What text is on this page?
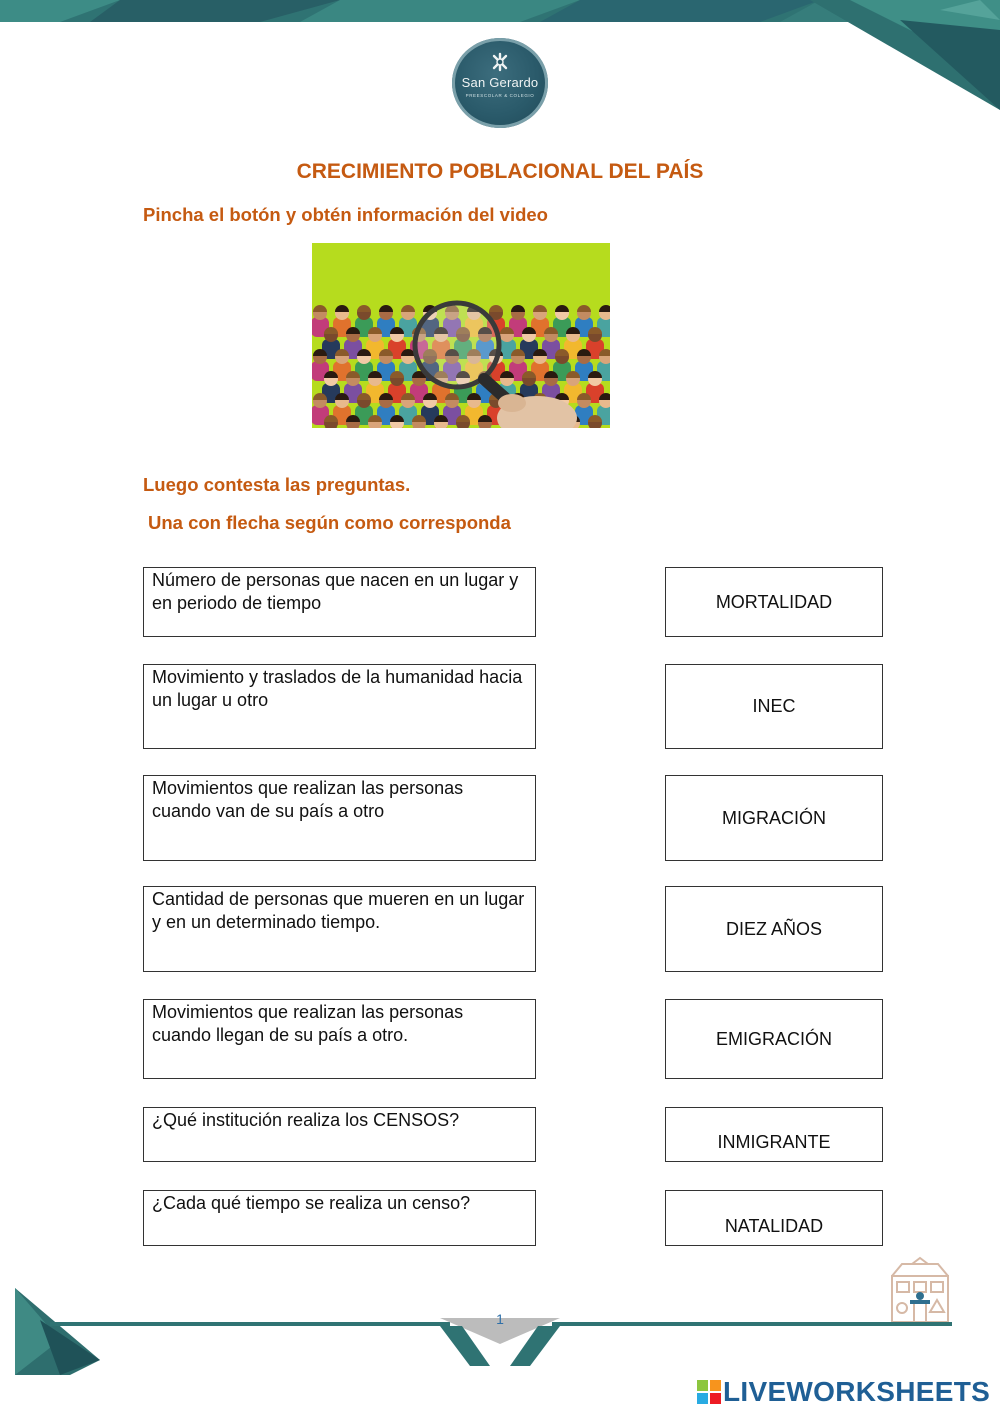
San Gerardo
PREESCOLAR & COLEGIO
CRECIMIENTO POBLACIONAL DEL PAÍS
Pincha el botón y obtén información del video
Luego contesta las preguntas.
Una con flecha según como corresponda
Número de personas que nacen en un lugar y en periodo de tiempo
Movimiento y traslados de la humanidad hacia un lugar u otro
Movimientos que realizan las personas cuando van de su país a otro
Cantidad de personas que mueren en un lugar y en un determinado tiempo.
Movimientos que realizan las personas cuando llegan de su país a otro.
¿Qué institución realiza los CENSOS?
¿Cada qué tiempo se realiza un censo?
MORTALIDAD
INEC
MIGRACIÓN
DIEZ AÑOS
EMIGRACIÓN
INMIGRANTE
NATALIDAD
1
LIVEWORKSHEETS
